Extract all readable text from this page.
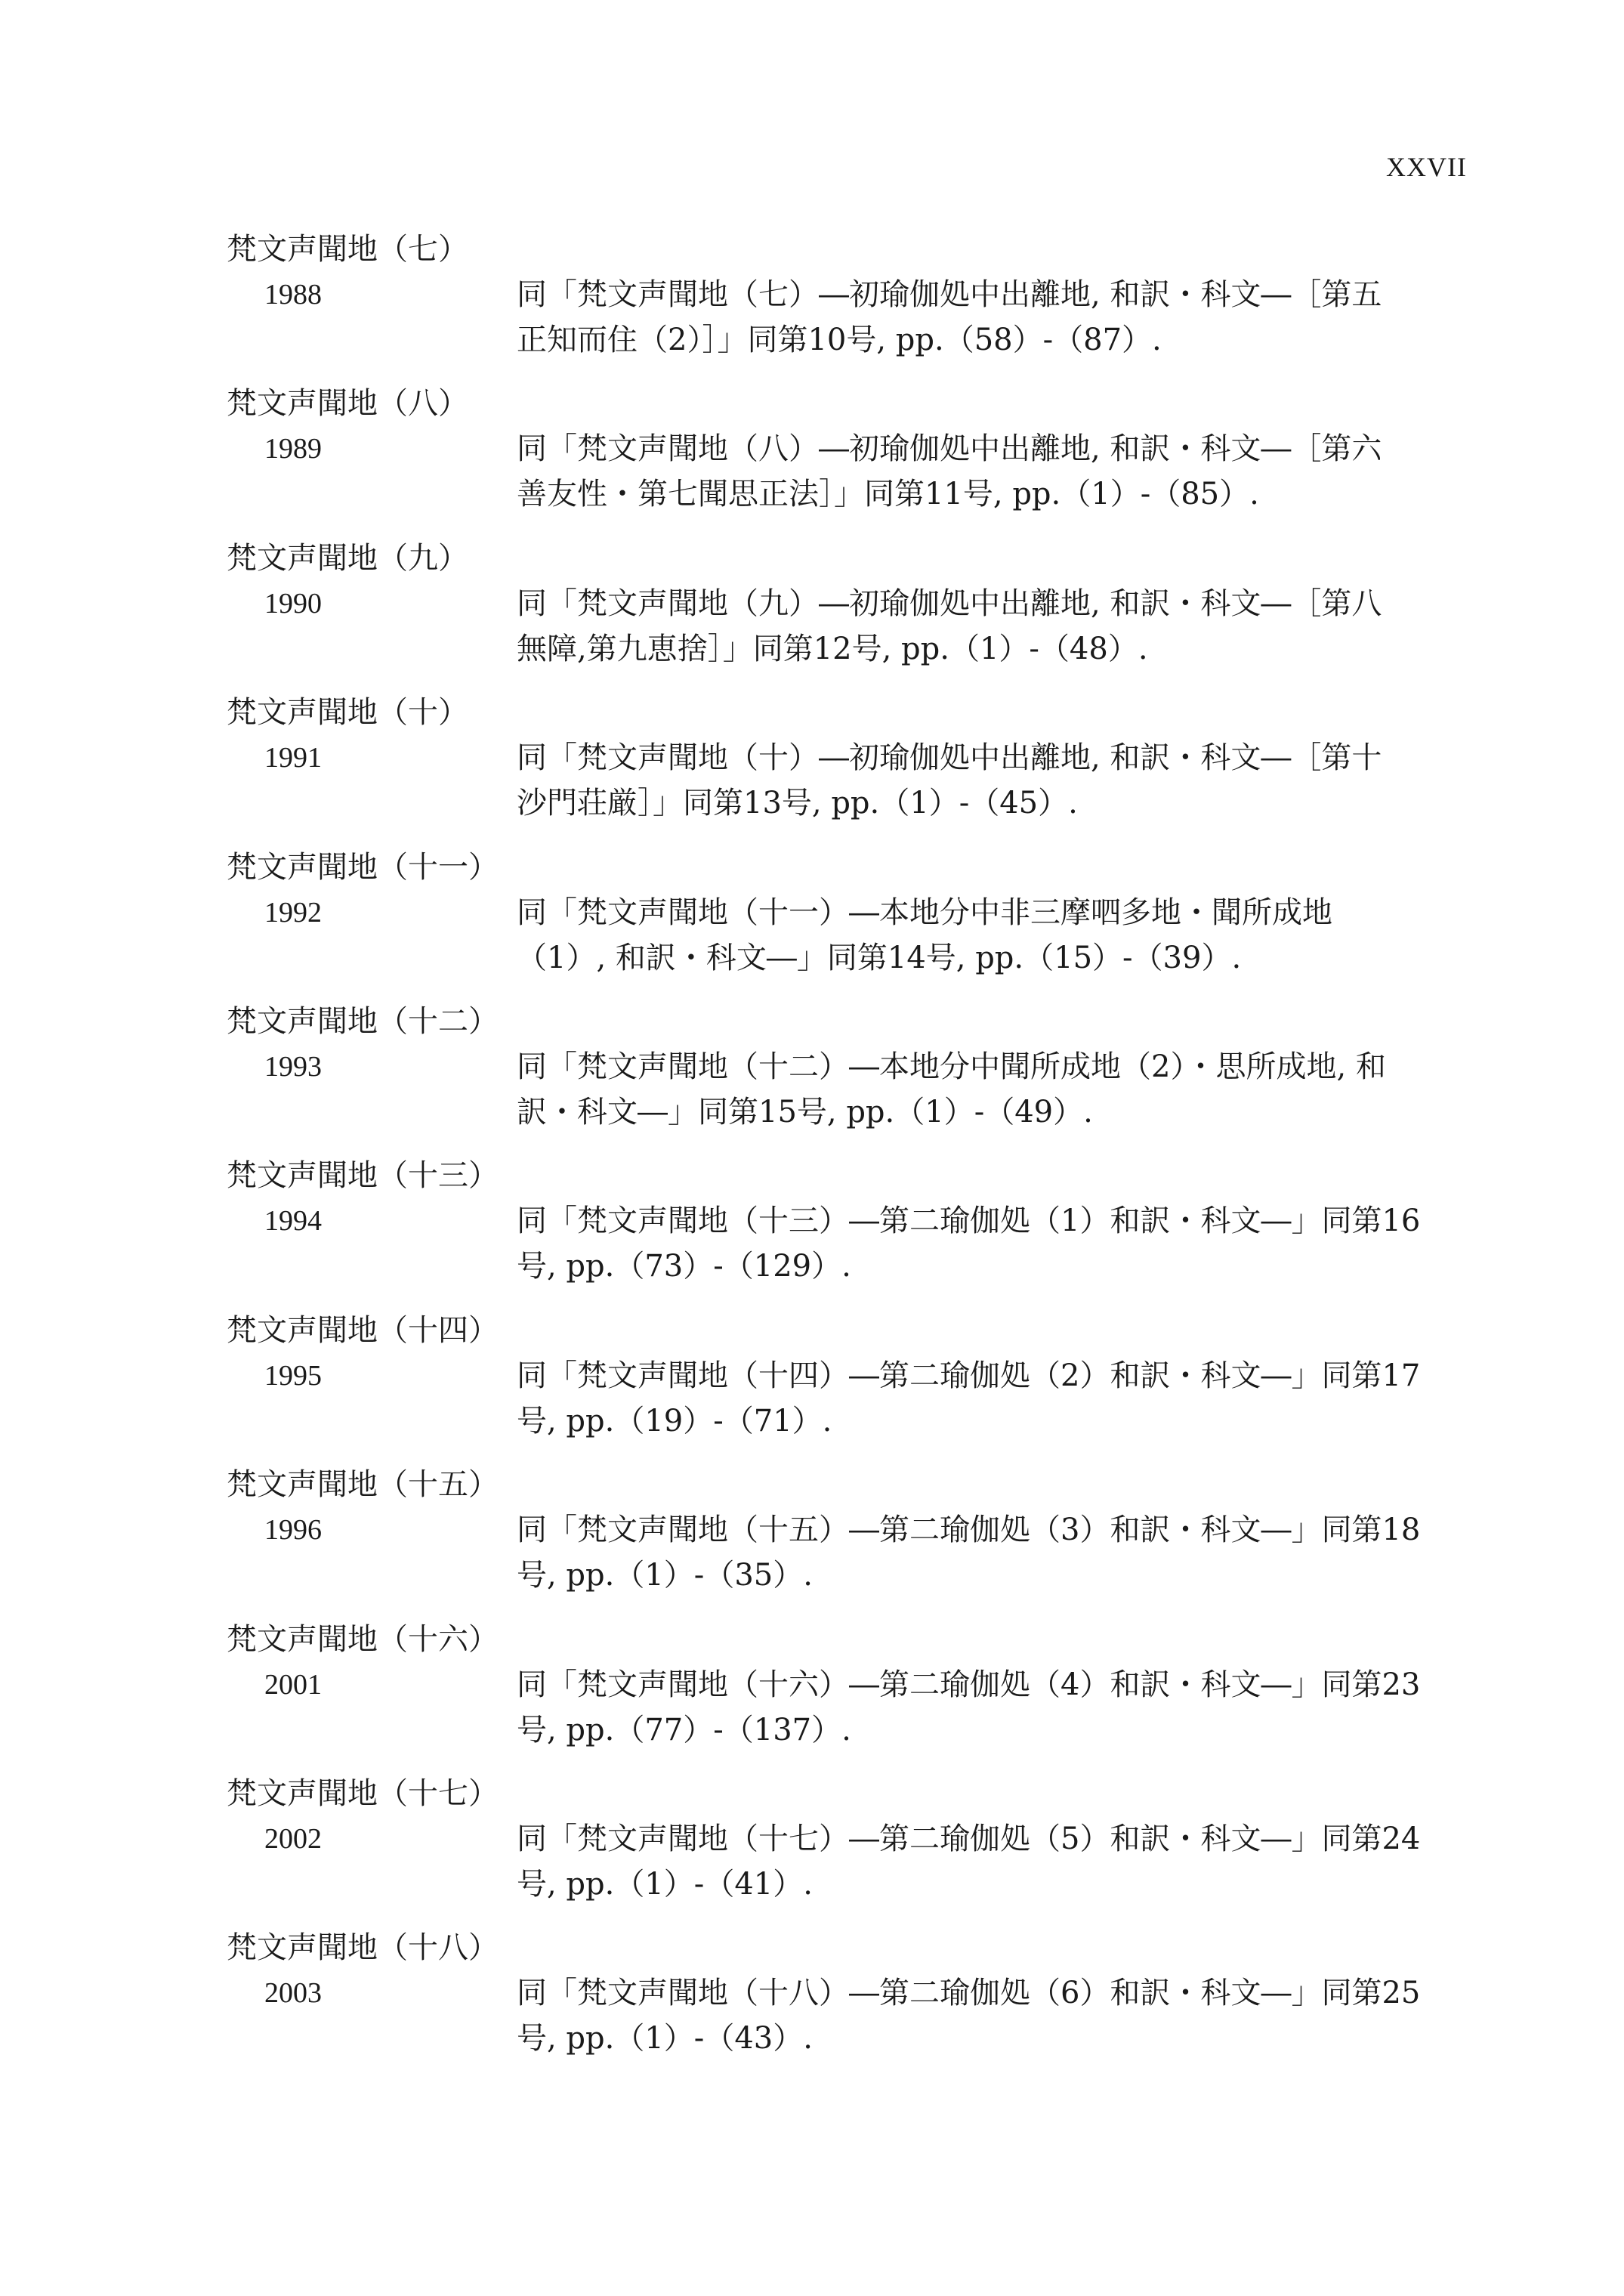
XXVII
梵文声聞地（七）
1988	同「梵文声聞地（七）―初瑜伽処中出離地, 和訳・科文―［第五
正知而住（2）］」同第10号, pp.（58）-（87）.
梵文声聞地（八）
1989	同「梵文声聞地（八）―初瑜伽処中出離地, 和訳・科文―［第六
善友性・第七聞思正法］」同第11号, pp.（1）-（85）.
梵文声聞地（九）
1990	同「梵文声聞地（九）―初瑜伽処中出離地, 和訳・科文―［第八
無障,第九恵捨］」同第12号, pp.（1）-（48）.
梵文声聞地（十）
1991	同「梵文声聞地（十）―初瑜伽処中出離地, 和訳・科文―［第十
沙門荘厳］」同第13号, pp.（1）-（45）.
梵文声聞地（十一）
1992	同「梵文声聞地（十一）―本地分中非三摩呬多地・聞所成地
（1）, 和訳・科文―」同第14号, pp.（15）-（39）.
梵文声聞地（十二）
1993	同「梵文声聞地（十二）―本地分中聞所成地（2）・思所成地, 和
訳・科文―」同第15号, pp.（1）-（49）.
梵文声聞地（十三）
1994	同「梵文声聞地（十三）―第二瑜伽処（1）和訳・科文―」同第16
号, pp.（73）-（129）.
梵文声聞地（十四）
1995	同「梵文声聞地（十四）―第二瑜伽処（2）和訳・科文―」同第17
号, pp.（19）-（71）.
梵文声聞地（十五）
1996	同「梵文声聞地（十五）―第二瑜伽処（3）和訳・科文―」同第18
号, pp.（1）-（35）.
梵文声聞地（十六）
2001	同「梵文声聞地（十六）―第二瑜伽処（4）和訳・科文―」同第23
号, pp.（77）-（137）.
梵文声聞地（十七）
2002	同「梵文声聞地（十七）―第二瑜伽処（5）和訳・科文―」同第24
号, pp.（1）-（41）.
梵文声聞地（十八）
2003	同「梵文声聞地（十八）―第二瑜伽処（6）和訳・科文―」同第25
号, pp.（1）-（43）.
